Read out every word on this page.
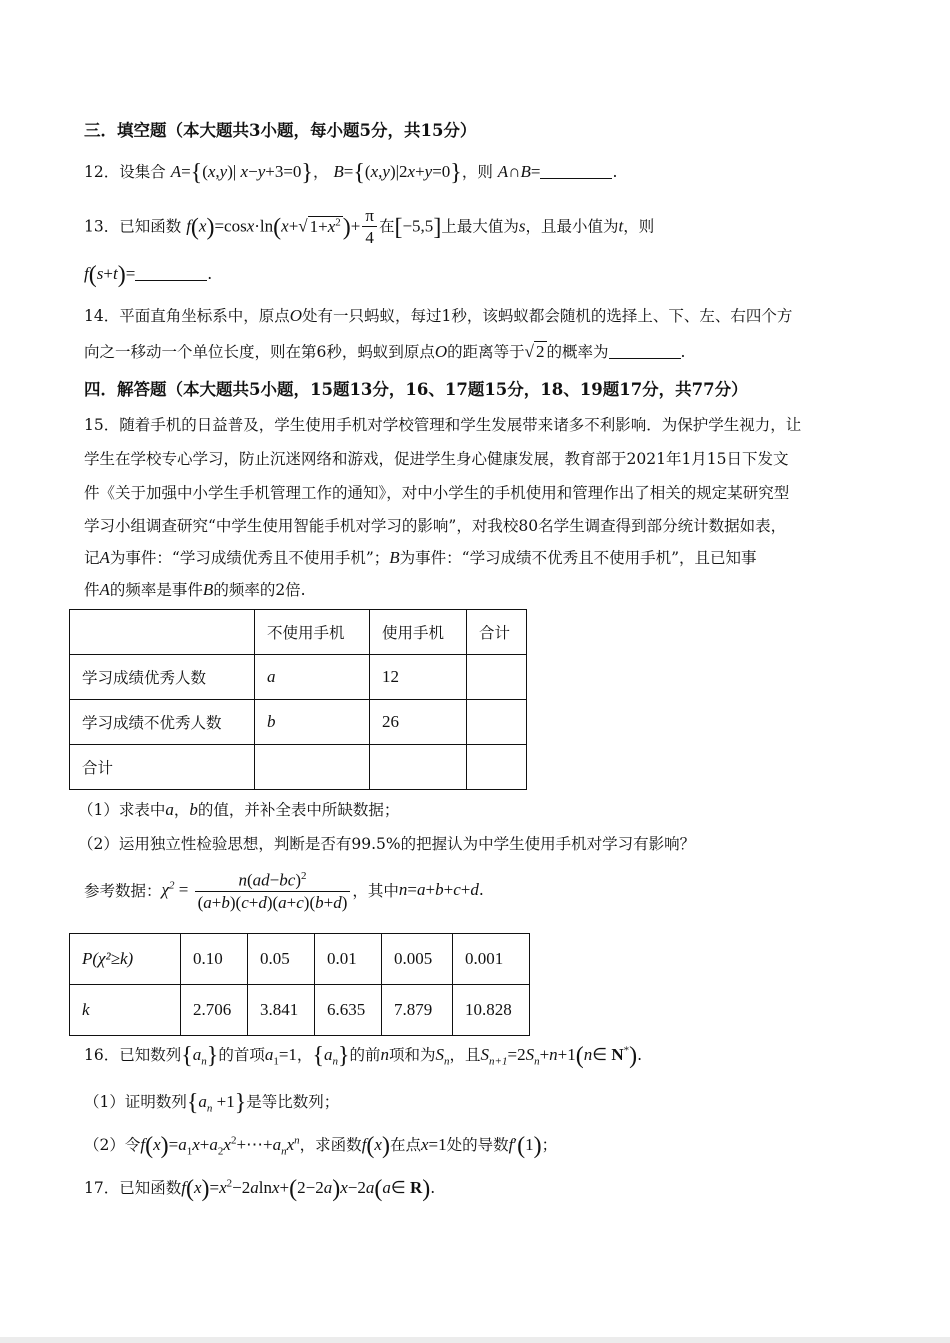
三．填空题（本大题共3小题，每小题5分，共15分）
12．设集合 A={(x,y)| x−y+3=0}， B={(x,y)|2x+y=0}，则 A∩B=	.
13．已知函数 f(x)=cosx·ln(x+√ $1+x^2)+ \frac{\pi}{4}$ 在[−5,5]上最大值为s，且最小值为t，则
f(s+t)=	.
14．平面直角坐标系中，原点O处有一只蚂蚁，每过1秒，该蚂蚁都会随机的选择上、下、左、右四个方
向之一移动一个单位长度，则在第6秒，蚂蚁到原点O的距离等于√ 2 的概率为	.
四．解答题（本大题共5小题，15题13分，16、17题15分，18、19题17分，共77分）
15．随着手机的日益普及，学生使用手机对学校管理和学生发展带来诸多不利影响．为保护学生视力，让
学生在学校专心学习，防止沉迷网络和游戏，促进学生身心健康发展，教育部于2021年1月15日下发文
件《关于加强中小学生手机管理工作的通知》，对中小学生的手机使用和管理作出了相关的规定某研究型
学习小组调查研究“中学生使用智能手机对学习的影响”，对我校80名学生调查得到部分统计数据如表，
记A为事件：“学习成绩优秀且不使用手机”；B为事件：“学习成绩不优秀且不使用手机”，且已知事
件A的频率是事件B的频率的2倍.
	不使用手机	使用手机	合计
学习成绩优秀人数	a	12	
学习成绩不优秀人数	b	26	
合计			
（1）求表中a，b的值，并补全表中所缺数据；
（2）运用独立性检验思想，判断是否有99.5%的把握认为中学生使用手机对学习有影响？
参考数据：$\chi^2 = \frac{n(ad-bc)^2}{(a+b)(c+d)(a+c)(b+d)}$ ，其中n=a+b+c+d.
P(χ²≥k)	0.10	0.05	0.01	0.005	0.001
k	2.706	3.841	6.635	7.879	10.828
16．已知数列$\{a_n\}$的首项$a_1=1$，$\{a_n\}$的前n项和为$S_n$，且$S_{n+1}=2S_n+n+1(n\in$ N*).
（1）证明数列$\{a_n +1\}$是等比数列；
（2）令$f(x)=a_1x+a_2x^2+\cdots+a_nx^n$，求函数f(x)在点x=1处的导数f′(1)；
17．已知函数$f(x)=x^2-2alnx+(2-2a)x-2a(a\in$ R).
